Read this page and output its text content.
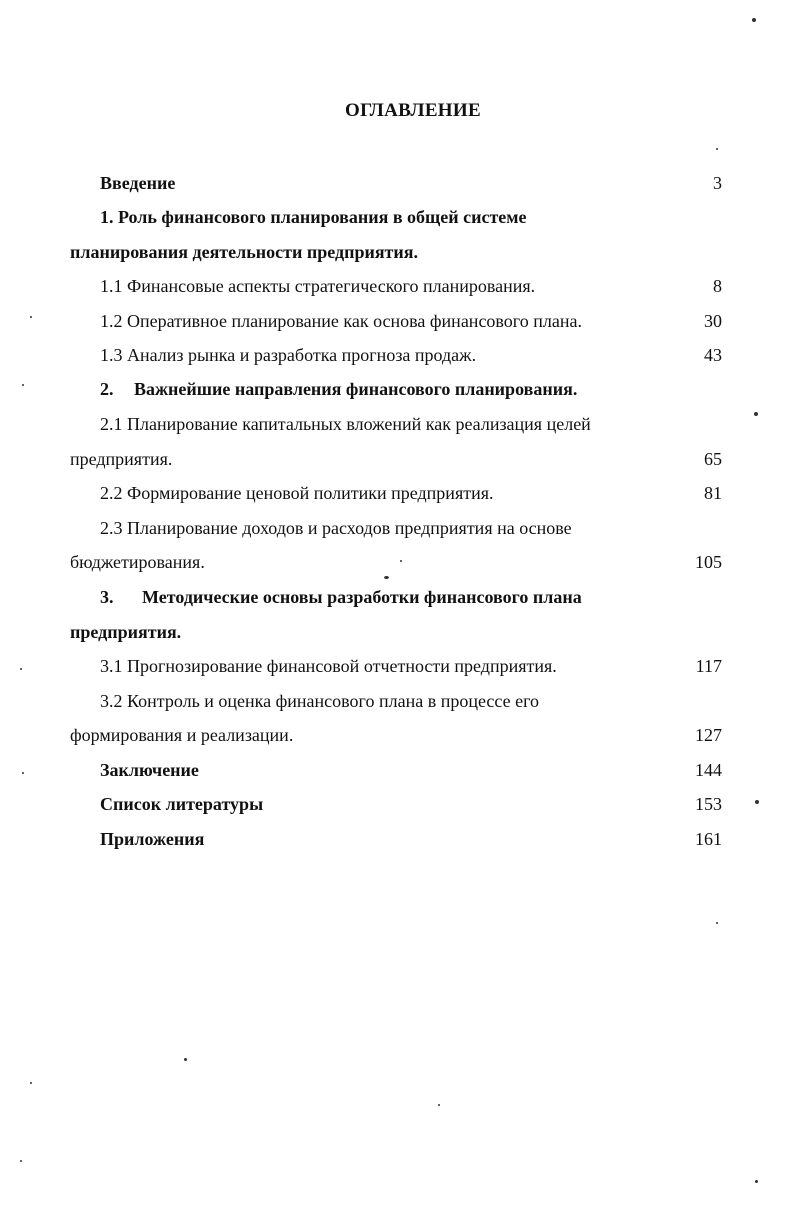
ОГЛАВЛЕНИЕ
Введение	3
1. Роль финансового планирования в общей системе
планирования деятельности предприятия.
1.1 Финансовые аспекты стратегического планирования.	8
1.2 Оперативное планирование как основа финансового плана.	30
1.3 Анализ рынка и разработка прогноза продаж.	43
2. Важнейшие направления финансового планирования.
2.1 Планирование капитальных вложений как реализация целей
предприятия.	65
2.2 Формирование ценовой политики предприятия.	81
2.3 Планирование доходов и расходов предприятия на основе
бюджетирования.	105
3. Методические основы разработки финансового плана
предприятия.
3.1 Прогнозирование финансовой отчетности предприятия.	117
3.2 Контроль и оценка финансового плана в процессе его
формирования и реализации.	127
Заключение	144
Список литературы	153
Приложения	161
